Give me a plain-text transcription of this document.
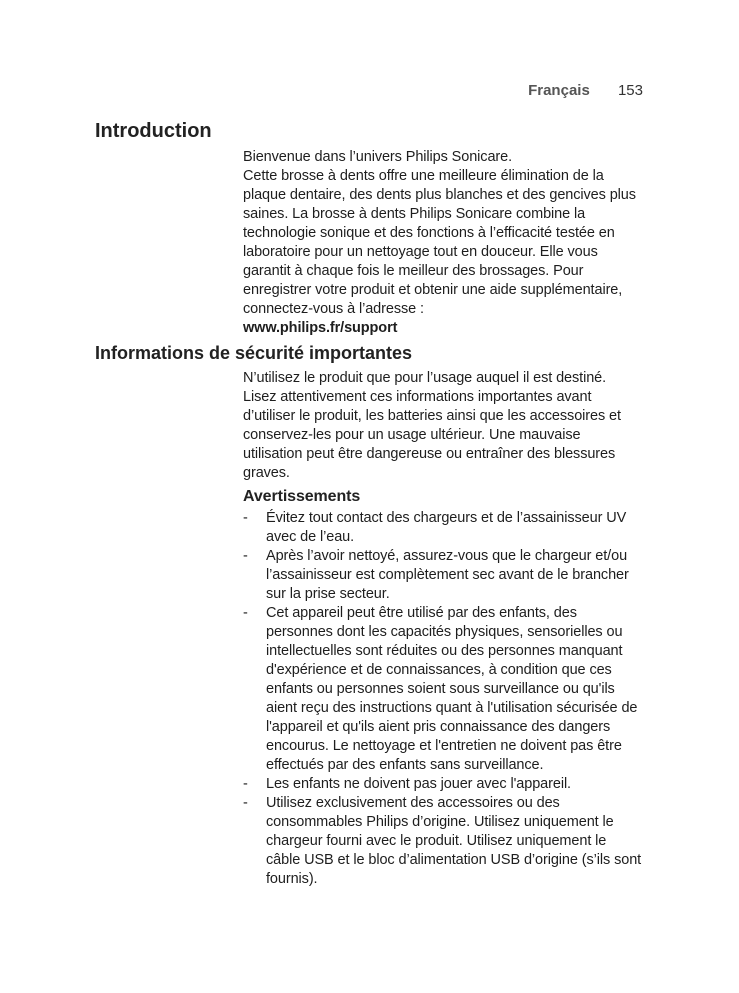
Français 153
Introduction

Bienvenue dans l’univers Philips Sonicare.

Cette brosse à dents offre une meilleure élimination de la plaque dentaire, des dents plus blanches et des gencives plus saines. La brosse à dents Philips Sonicare combine la technologie sonique et des fonctions à l’efficacité testée en laboratoire pour un nettoyage tout en douceur. Elle vous garantit à chaque fois le meilleur des brossages. Pour enregistrer votre produit et obtenir une aide supplémentaire, connectez-vous à l’adresse :

www.philips.fr/support

Informations de sécurité importantes

N’utilisez le produit que pour l’usage auquel il est destiné. Lisez attentivement ces informations importantes avant d’utiliser le produit, les batteries ainsi que les accessoires et conservez-les pour un usage ultérieur. Une mauvaise utilisation peut être dangereuse ou entraîner des blessures graves.

Avertissements
- Évitez tout contact des chargeurs et de l’assainisseur UV avec de l’eau.
- Après l’avoir nettoyé, assurez-vous que le chargeur et/ou l’assainisseur est complètement sec avant de le brancher sur la prise secteur.
- Cet appareil peut être utilisé par des enfants, des personnes dont les capacités physiques, sensorielles ou intellectuelles sont réduites ou des personnes manquant d'expérience et de connaissances, à condition que ces enfants ou personnes soient sous surveillance ou qu'ils aient reçu des instructions quant à l'utilisation sécurisée de l'appareil et qu'ils aient pris connaissance des dangers encourus. Le nettoyage et l'entretien ne doivent pas être effectués par des enfants sans surveillance.
- Les enfants ne doivent pas jouer avec l'appareil.
- Utilisez exclusivement des accessoires ou des consommables Philips d’origine. Utilisez uniquement le chargeur fourni avec le produit. Utilisez uniquement le câble USB et le bloc d’alimentation USB d’origine (s’ils sont fournis).
